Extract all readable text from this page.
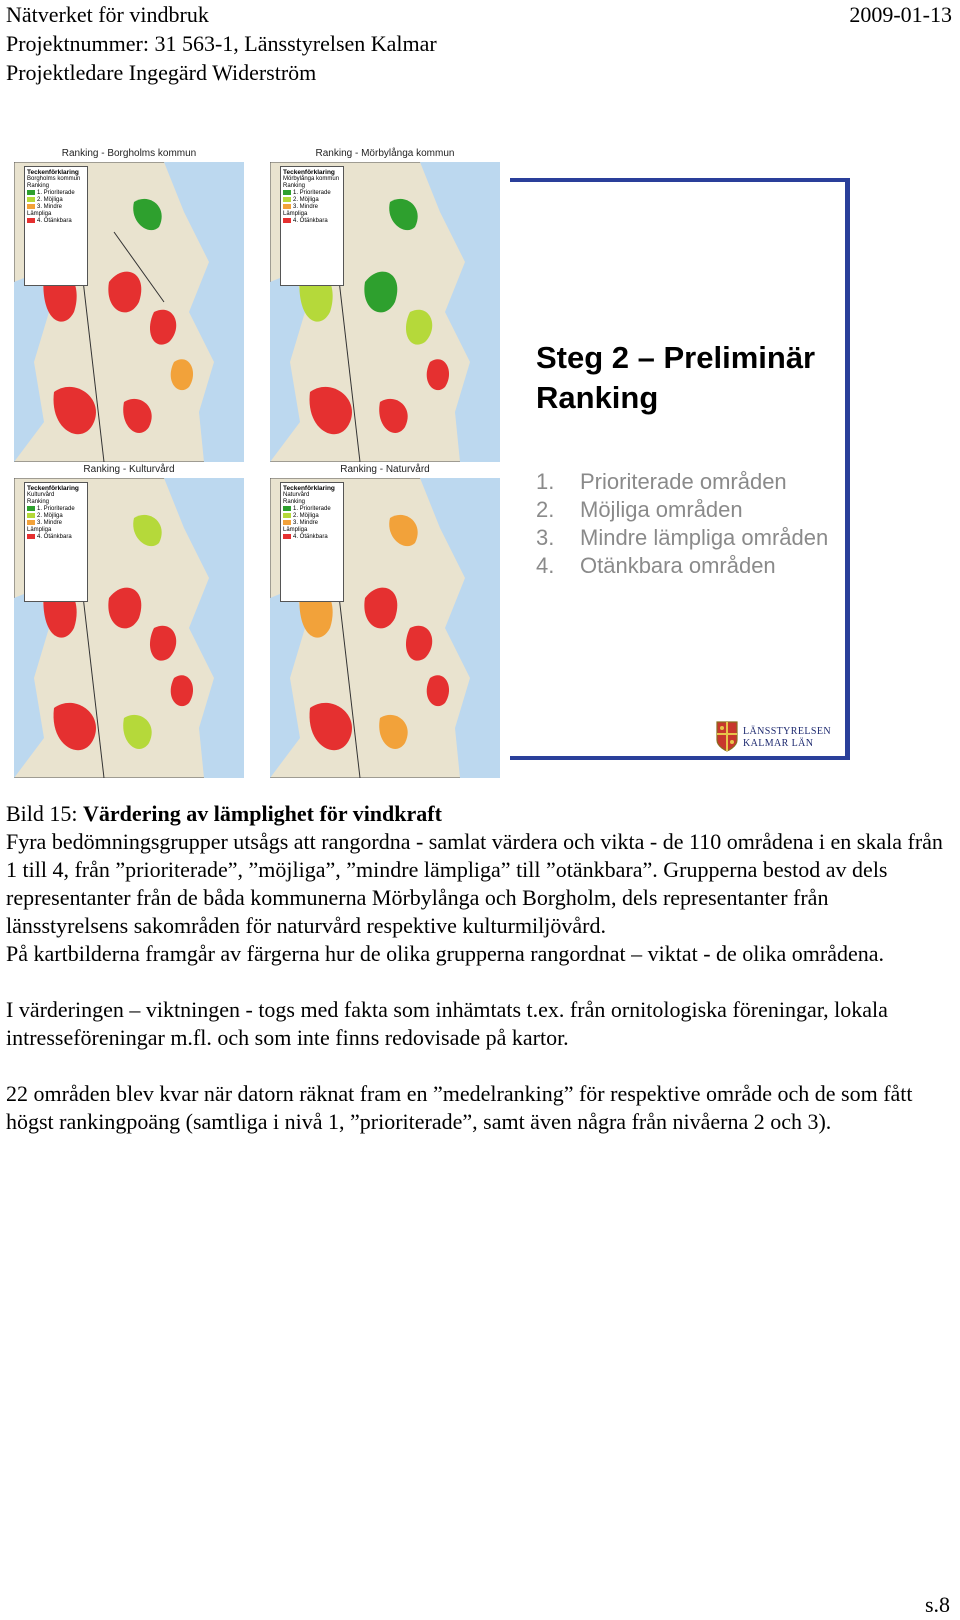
Nätverket för vindbruk	2009-01-13
Projektnummer: 31 563-1, Länsstyrelsen Kalmar
Projektledare Ingegärd Widerström
Ranking - Borgholms kommun
Teckenförklaring
Borgholms kommun
Ranking
1. Prioriterade
2. Möjliga
3. Mindre Lämpliga
4. Otänkbara
Ranking - Mörbylånga kommun
Teckenförklaring
Mörbylånga kommun
Ranking
1. Prioriterade
2. Möjliga
3. Mindre Lämpliga
4. Otänkbara
Ranking - Kulturvård
Teckenförklaring
Kulturvård
Ranking
1. Prioriterade
2. Möjliga
3. Mindre Lämpliga
4. Otänkbara
Ranking - Naturvård
Teckenförklaring
Naturvård
Ranking
1. Prioriterade
2. Möjliga
3. Mindre Lämpliga
4. Otänkbara
Steg 2 – Preliminär Ranking
1. Prioriterade områden
2. Möjliga områden
3. Mindre lämpliga områden
4. Otänkbara områden
LÄNSSTYRELSEN
KALMAR LÄN

Bild 15: Värdering av lämplighet för vindkraft

Fyra bedömningsgrupper utsågs att rangordna - samlat värdera och vikta - de 110 områdena i en skala från 1 till 4, från ”prioriterade”, ”möjliga”, ”mindre lämpliga” till ”otänkbara”. Grupperna bestod av dels representanter från de båda kommunerna Mörbylånga och Borgholm, dels representanter från länsstyrelsens sakområden för naturvård respektive kulturmiljövård.

På kartbilderna framgår av färgerna hur de olika grupperna rangordnat – viktat - de olika områdena.

I värderingen – viktningen - togs med fakta som inhämtats t.ex. från ornitologiska föreningar, lokala intresseföreningar m.fl. och som inte finns redovisade på kartor.

22 områden blev kvar när datorn räknat fram en ”medelranking” för respektive område och de som fått högst rankingpoäng (samtliga i nivå 1, ”prioriterade”, samt även några från nivåerna 2 och 3).

s.8
